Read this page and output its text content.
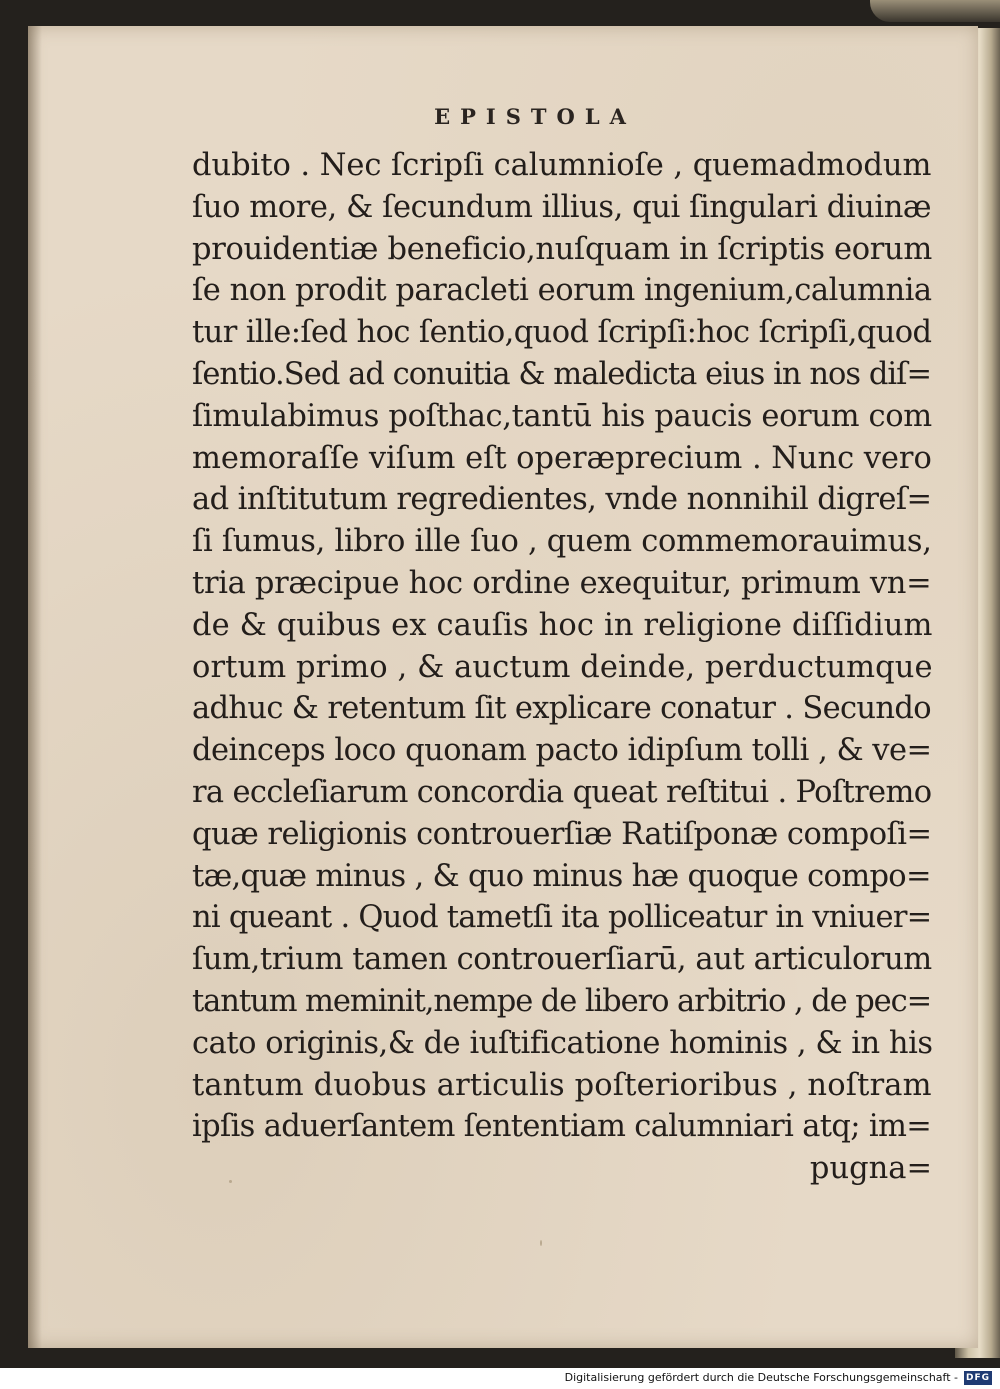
EPISTOLA
dubito . Nec ſcripſi calumnioſe , quemadmodum
ſuo more, & ſecundum illius, qui ſingulari diuinæ
prouidentiæ beneficio,nuſquam in ſcriptis eorum
ſe non prodit paracleti eorum ingenium,calumnia
tur ille:ſed hoc ſentio,quod ſcripſi:hoc ſcripſi,quod
ſentio.Sed ad conuitia & maledicta eius in nos diſ=
ſimulabimus poſthac,tantū his paucis eorum com
memoraſſe viſum eſt operæprecium . Nunc vero
ad inſtitutum regredientes, vnde nonnihil digreſ=
ſi ſumus, libro ille ſuo , quem commemorauimus,
tria præcipue hoc ordine exequitur, primum vn=
de & quibus ex cauſis hoc in religione diſſidium
ortum primo , & auctum deinde, perductumque
adhuc & retentum ſit explicare conatur . Secundo
deinceps loco quonam pacto idipſum tolli , & ve=
ra eccleſiarum concordia queat reſtitui . Poſtremo
quæ religionis controuerſiæ Ratiſponæ compoſi=
tæ,quæ minus , & quo minus hæ quoque compo=
ni queant . Quod tametſi ita polliceatur in vniuer=
ſum,trium tamen controuerſiarū, aut articulorum
tantum meminit,nempe de libero arbitrio , de pec=
cato originis,& de iuſtificatione hominis , & in his
tantum duobus articulis poſterioribus , noſtram
ipſis aduerſantem ſententiam calumniari atq; im=
pugna=
Digitalisierung gefördert durch die Deutsche Forschungsgemeinschaft - DFG
